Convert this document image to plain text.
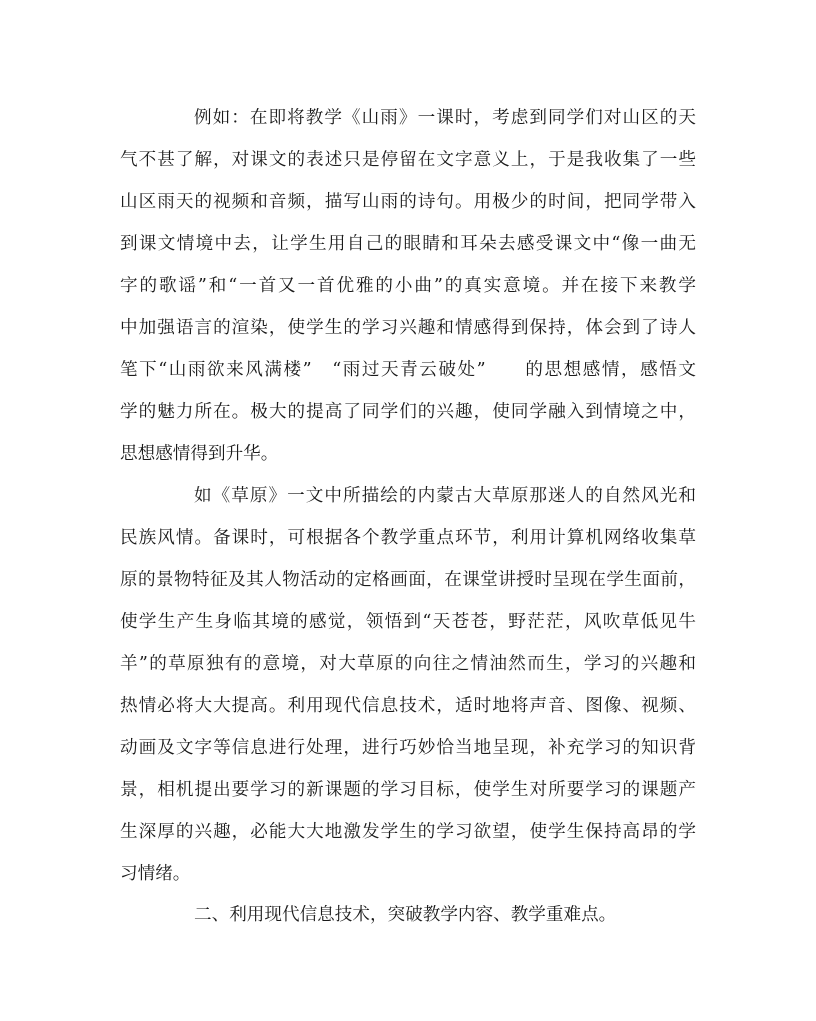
例如：在即将教学《山雨》一课时，考虑到同学们对山区的天
气不甚了解，对课文的表述只是停留在文字意义上，于是我收集了一些
山区雨天的视频和音频，描写山雨的诗句。用极少的时间，把同学带入
到课文情境中去，让学生用自己的眼睛和耳朵去感受课文中“像一曲无
字的歌谣”和“一首又一首优雅的小曲”的真实意境。并在接下来教学
中加强语言的渲染，使学生的学习兴趣和情感得到保持，体会到了诗人
笔下“山雨欲来风满楼”　“雨过天青云破处”　　的思想感情，感悟文
学的魅力所在。极大的提高了同学们的兴趣，使同学融入到情境之中，
思想感情得到升华。
如《草原》一文中所描绘的内蒙古大草原那迷人的自然风光和
民族风情。备课时，可根据各个教学重点环节，利用计算机网络收集草
原的景物特征及其人物活动的定格画面，在课堂讲授时呈现在学生面前，
使学生产生身临其境的感觉，领悟到“天苍苍，野茫茫，风吹草低见牛
羊”的草原独有的意境，对大草原的向往之情油然而生，学习的兴趣和
热情必将大大提高。利用现代信息技术，适时地将声音、图像、视频、
动画及文字等信息进行处理，进行巧妙恰当地呈现，补充学习的知识背
景，相机提出要学习的新课题的学习目标，使学生对所要学习的课题产
生深厚的兴趣，必能大大地激发学生的学习欲望，使学生保持高昂的学
习情绪。
二、利用现代信息技术，突破教学内容、教学重难点。
